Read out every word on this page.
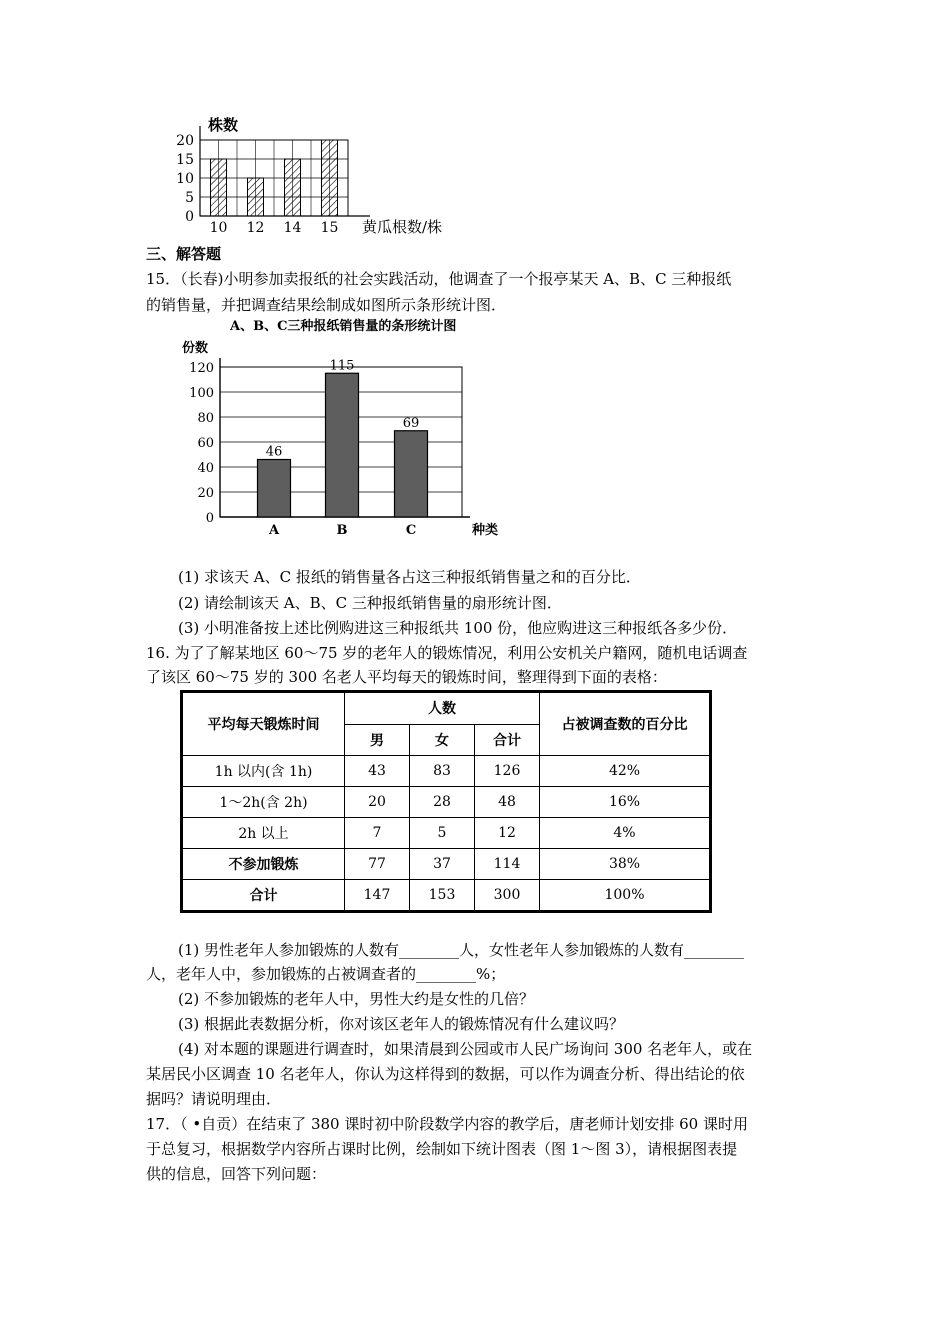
0
5
10
15
20
10 12 14 15
株数
黄瓜根数/株
三、解答题
15．（长春)小明参加卖报纸的社会实践活动，他调查了一个报亭某天 A、B、C 三种报纸
的销售量，并把调查结果绘制成如图所示条形统计图．
A、B、C三种报纸销售量的条形统计图
份数
种类
0
20
40
60
80
100
120
46
A
115
B
69
C
(1) 求该天 A、C 报纸的销售量各占这三种报纸销售量之和的百分比．
(2) 请绘制该天 A、B、C 三种报纸销售量的扇形统计图．
(3) 小明准备按上述比例购进这三种报纸共 100 份，他应购进这三种报纸各多少份．
16. 为了了解某地区 60～75 岁的老年人的锻炼情况，利用公安机关户籍网，随机电话调查
了该区 60～75 岁的 300 名老人平均每天的锻炼时间，整理得到下面的表格：
平均每天锻炼时间	人数			占被调查数的百分比
	男	女	合计	
1h 以内(含 1h)	43	83	126	42%
1～2h(含 2h)	20	28	48	16%
2h 以上	7	5	12	4%
不参加锻炼	77	37	114	38%
合计	147	153	300	100%
(1) 男性老年人参加锻炼的人数有________人，女性老年人参加锻炼的人数有________
人，老年人中，参加锻炼的占被调查者的________%；
(2) 不参加锻炼的老年人中，男性大约是女性的几倍？
(3) 根据此表数据分析，你对该区老年人的锻炼情况有什么建议吗？
(4) 对本题的课题进行调查时，如果清晨到公园或市人民广场询问 300 名老年人，或在
某居民小区调查 10 名老年人，你认为这样得到的数据，可以作为调查分析、得出结论的依
据吗？请说明理由．
17．（ •自贡）在结束了 380 课时初中阶段数学内容的教学后，唐老师计划安排 60 课时用
于总复习，根据数学内容所占课时比例，绘制如下统计图表（图 1～图 3），请根据图表提
供的信息，回答下列问题：
